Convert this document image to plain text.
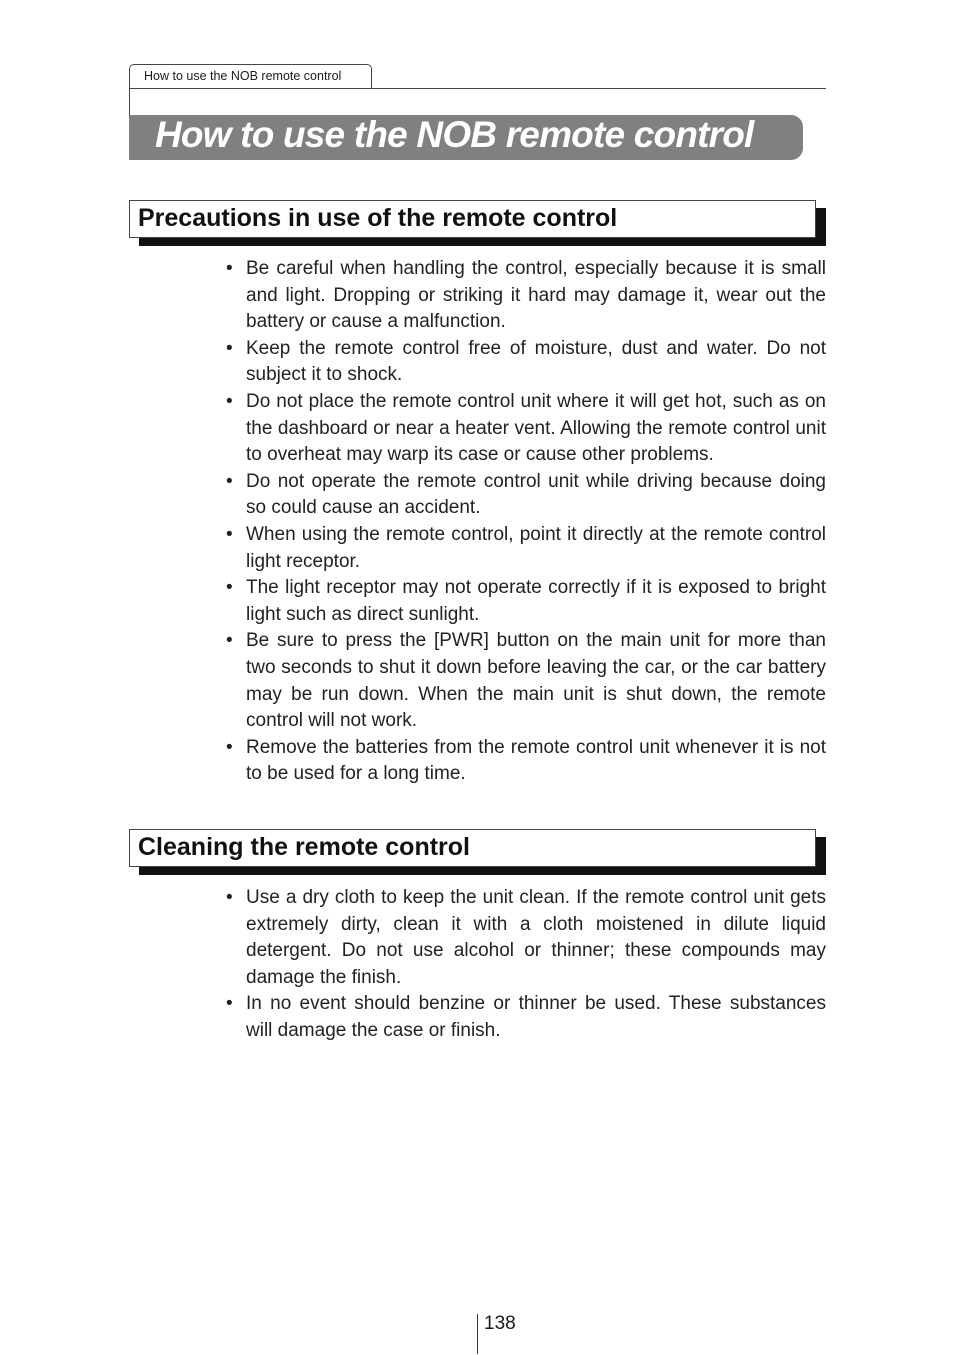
How to use the NOB remote control
How to use the NOB remote control
Precautions in use of the remote control
• Be careful when handling the control, especially because it is small and light. Dropping or striking it hard may damage it, wear out the battery or cause a malfunction.
• Keep the remote control free of moisture, dust and water. Do not subject it to shock.
• Do not place the remote control unit where it will get hot, such as on the dashboard or near a heater vent. Allowing the remote control unit to overheat may warp its case or cause other problems.
• Do not operate the remote control unit while driving because doing so could cause an accident.
• When using the remote control, point it directly at the remote control light receptor.
• The light receptor may not operate correctly if it is exposed to bright light such as direct sunlight.
• Be sure to press the [PWR] button on the main unit for more than two seconds to shut it down before leaving the car, or the car battery may be run down. When the main unit is shut down, the remote control will not work.
• Remove the batteries from the remote control unit whenever it is not to be used for a long time.
Cleaning the remote control
• Use a dry cloth to keep the unit clean. If the remote control unit gets extremely dirty, clean it with a cloth moistened in dilute liquid detergent. Do not use alcohol or thinner; these compounds may damage the finish.
• In no event should benzine or thinner be used. These substances will damage the case or finish.
138
